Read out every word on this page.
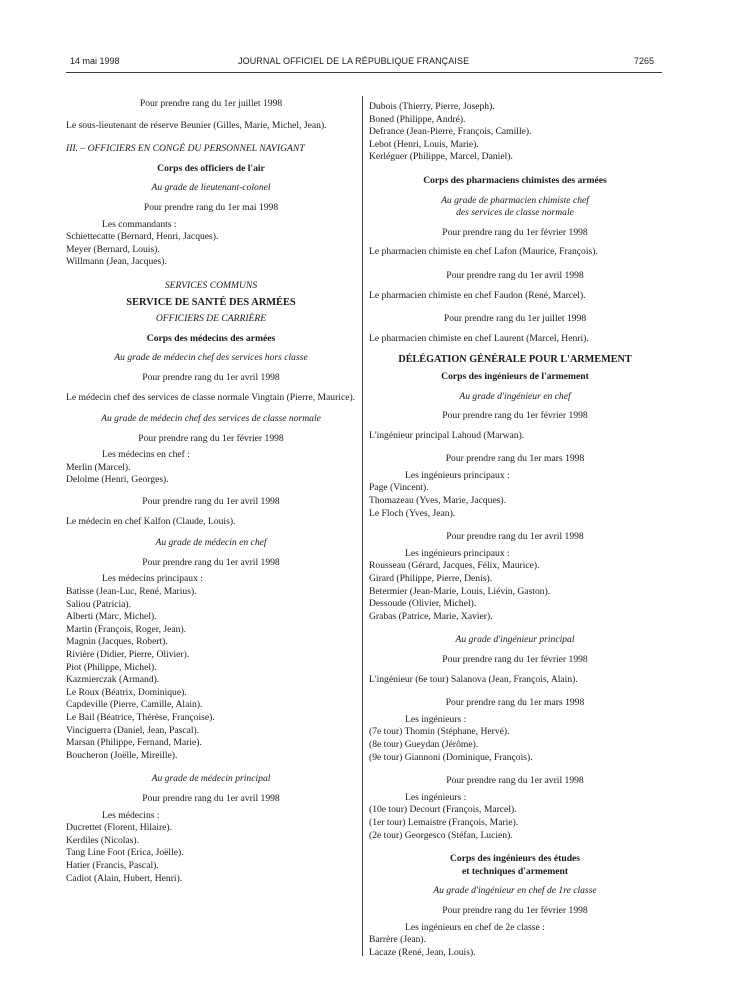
14 mai 1998	JOURNAL OFFICIEL DE LA RÉPUBLIQUE FRANÇAISE	7265
Pour prendre rang du 1er juillet 1998
Le sous-lieutenant de réserve Beunier (Gilles, Marie, Michel, Jean).
III. – OFFICIERS EN CONGÉ DU PERSONNEL NAVIGANT
Corps des officiers de l'air
Au grade de lieutenant-colonel
Pour prendre rang du 1er mai 1998
Les commandants :
Schiettecatte (Bernard, Henri, Jacques).
Meyer (Bernard, Louis).
Willmann (Jean, Jacques).
SERVICES COMMUNS
SERVICE DE SANTÉ DES ARMÉES
OFFICIERS DE CARRIÈRE
Corps des médecins des armées
Au grade de médecin chef des services hors classe
Pour prendre rang du 1er avril 1998
Le médecin chef des services de classe normale Vingtain (Pierre, Maurice).
Au grade de médecin chef des services de classe normale
Pour prendre rang du 1er février 1998
Les médecins en chef :
Merlin (Marcel).
Delolme (Henri, Georges).
Pour prendre rang du 1er avril 1998
Le médecin en chef Kalfon (Claude, Louis).
Au grade de médecin en chef
Pour prendre rang du 1er avril 1998
Les médecins principaux :
Batisse (Jean-Luc, René, Marius).
Saliou (Patricia).
Alberti (Marc, Michel).
Martin (François, Roger, Jean).
Magnin (Jacques, Robert).
Rivière (Didier, Pierre, Olivier).
Piot (Philippe, Michel).
Kazmierczak (Armand).
Le Roux (Béatrix, Dominique).
Capdeville (Pierre, Camille, Alain).
Le Bail (Béatrice, Thérèse, Françoise).
Vinciguerra (Daniel, Jean, Pascal).
Marsan (Philippe, Fernand, Marie).
Boucheron (Joëlle, Mireille).
Au grade de médecin principal
Pour prendre rang du 1er avril 1998
Les médecins :
Ducrettet (Florent, Hilaire).
Kerdiles (Nicolas).
Tang Line Foot (Erica, Joëlle).
Hatier (Francis, Pascal).
Cadiot (Alain, Hubert, Henri).
Dubois (Thierry, Pierre, Joseph).
Boned (Philippe, André).
Defrance (Jean-Pierre, François, Camille).
Lebot (Henri, Louis, Marie).
Kerléguer (Philippe, Marcel, Daniel).
Corps des pharmaciens chimistes des armées
Au grade de pharmacien chimiste chef
des services de classe normale
Pour prendre rang du 1er février 1998
Le pharmacien chimiste en chef Lafon (Maurice, François).
Pour prendre rang du 1er avril 1998
Le pharmacien chimiste en chef Faudon (René, Marcel).
Pour prendre rang du 1er juillet 1998
Le pharmacien chimiste en chef Laurent (Marcel, Henri).
DÉLÉGATION GÉNÉRALE POUR L'ARMEMENT
Corps des ingénieurs de l'armement
Au grade d'ingénieur en chef
Pour prendre rang du 1er février 1998
L'ingénieur principal Lahoud (Marwan).
Pour prendre rang du 1er mars 1998
Les ingénieurs principaux :
Page (Vincent).
Thomazeau (Yves, Marie, Jacques).
Le Floch (Yves, Jean).
Pour prendre rang du 1er avril 1998
Les ingénieurs principaux :
Rousseau (Gérard, Jacques, Félix, Maurice).
Girard (Philippe, Pierre, Denis).
Betermier (Jean-Marie, Louis, Liévin, Gaston).
Dessoude (Olivier, Michel).
Grabas (Patrice, Marie, Xavier).
Au grade d'ingénieur principal
Pour prendre rang du 1er février 1998
L'ingénieur (6e tour) Salanova (Jean, François, Alain).
Pour prendre rang du 1er mars 1998
Les ingénieurs :
(7e tour) Thomin (Stéphane, Hervé).
(8e tour) Gueydan (Jérôme).
(9e tour) Giannoni (Dominique, François).
Pour prendre rang du 1er avril 1998
Les ingénieurs :
(10e tour) Decourt (François, Marcel).
(1er tour) Lemaistre (François, Marie).
(2e tour) Georgesco (Stéfan, Lucien).
Corps des ingénieurs des études
et techniques d'armement
Au grade d'ingénieur en chef de 1re classe
Pour prendre rang du 1er février 1998
Les ingénieurs en chef de 2e classe :
Barrère (Jean).
Lacaze (René, Jean, Louis).
